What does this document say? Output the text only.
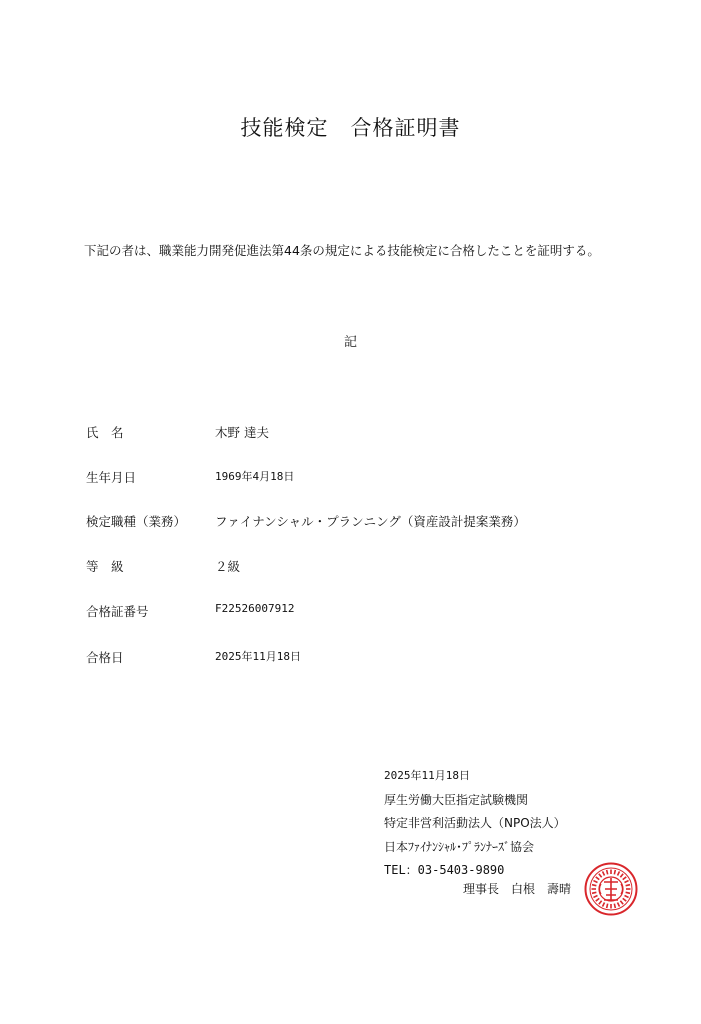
技能検定　合格証明書
下記の者は、職業能力開発促進法第44条の規定による技能検定に合格したことを証明する。
記
氏　名	木野 達夫
生年月日	1969年4月18日
検定職種（業務） ファイナンシャル・プランニング（資産設計提案業務）
等　級	２級
合格証番号	F22526007912
合格日	2025年11月18日
2025年11月18日
厚生労働大臣指定試験機関
特定非営利活動法人（NPO法人）
日本ﾌｧｲﾅﾝｼｬﾙ･ﾌﾟﾗﾝﾅｰｽﾞ協会
TEL：03-5403-9890
理事長　白根　壽晴
